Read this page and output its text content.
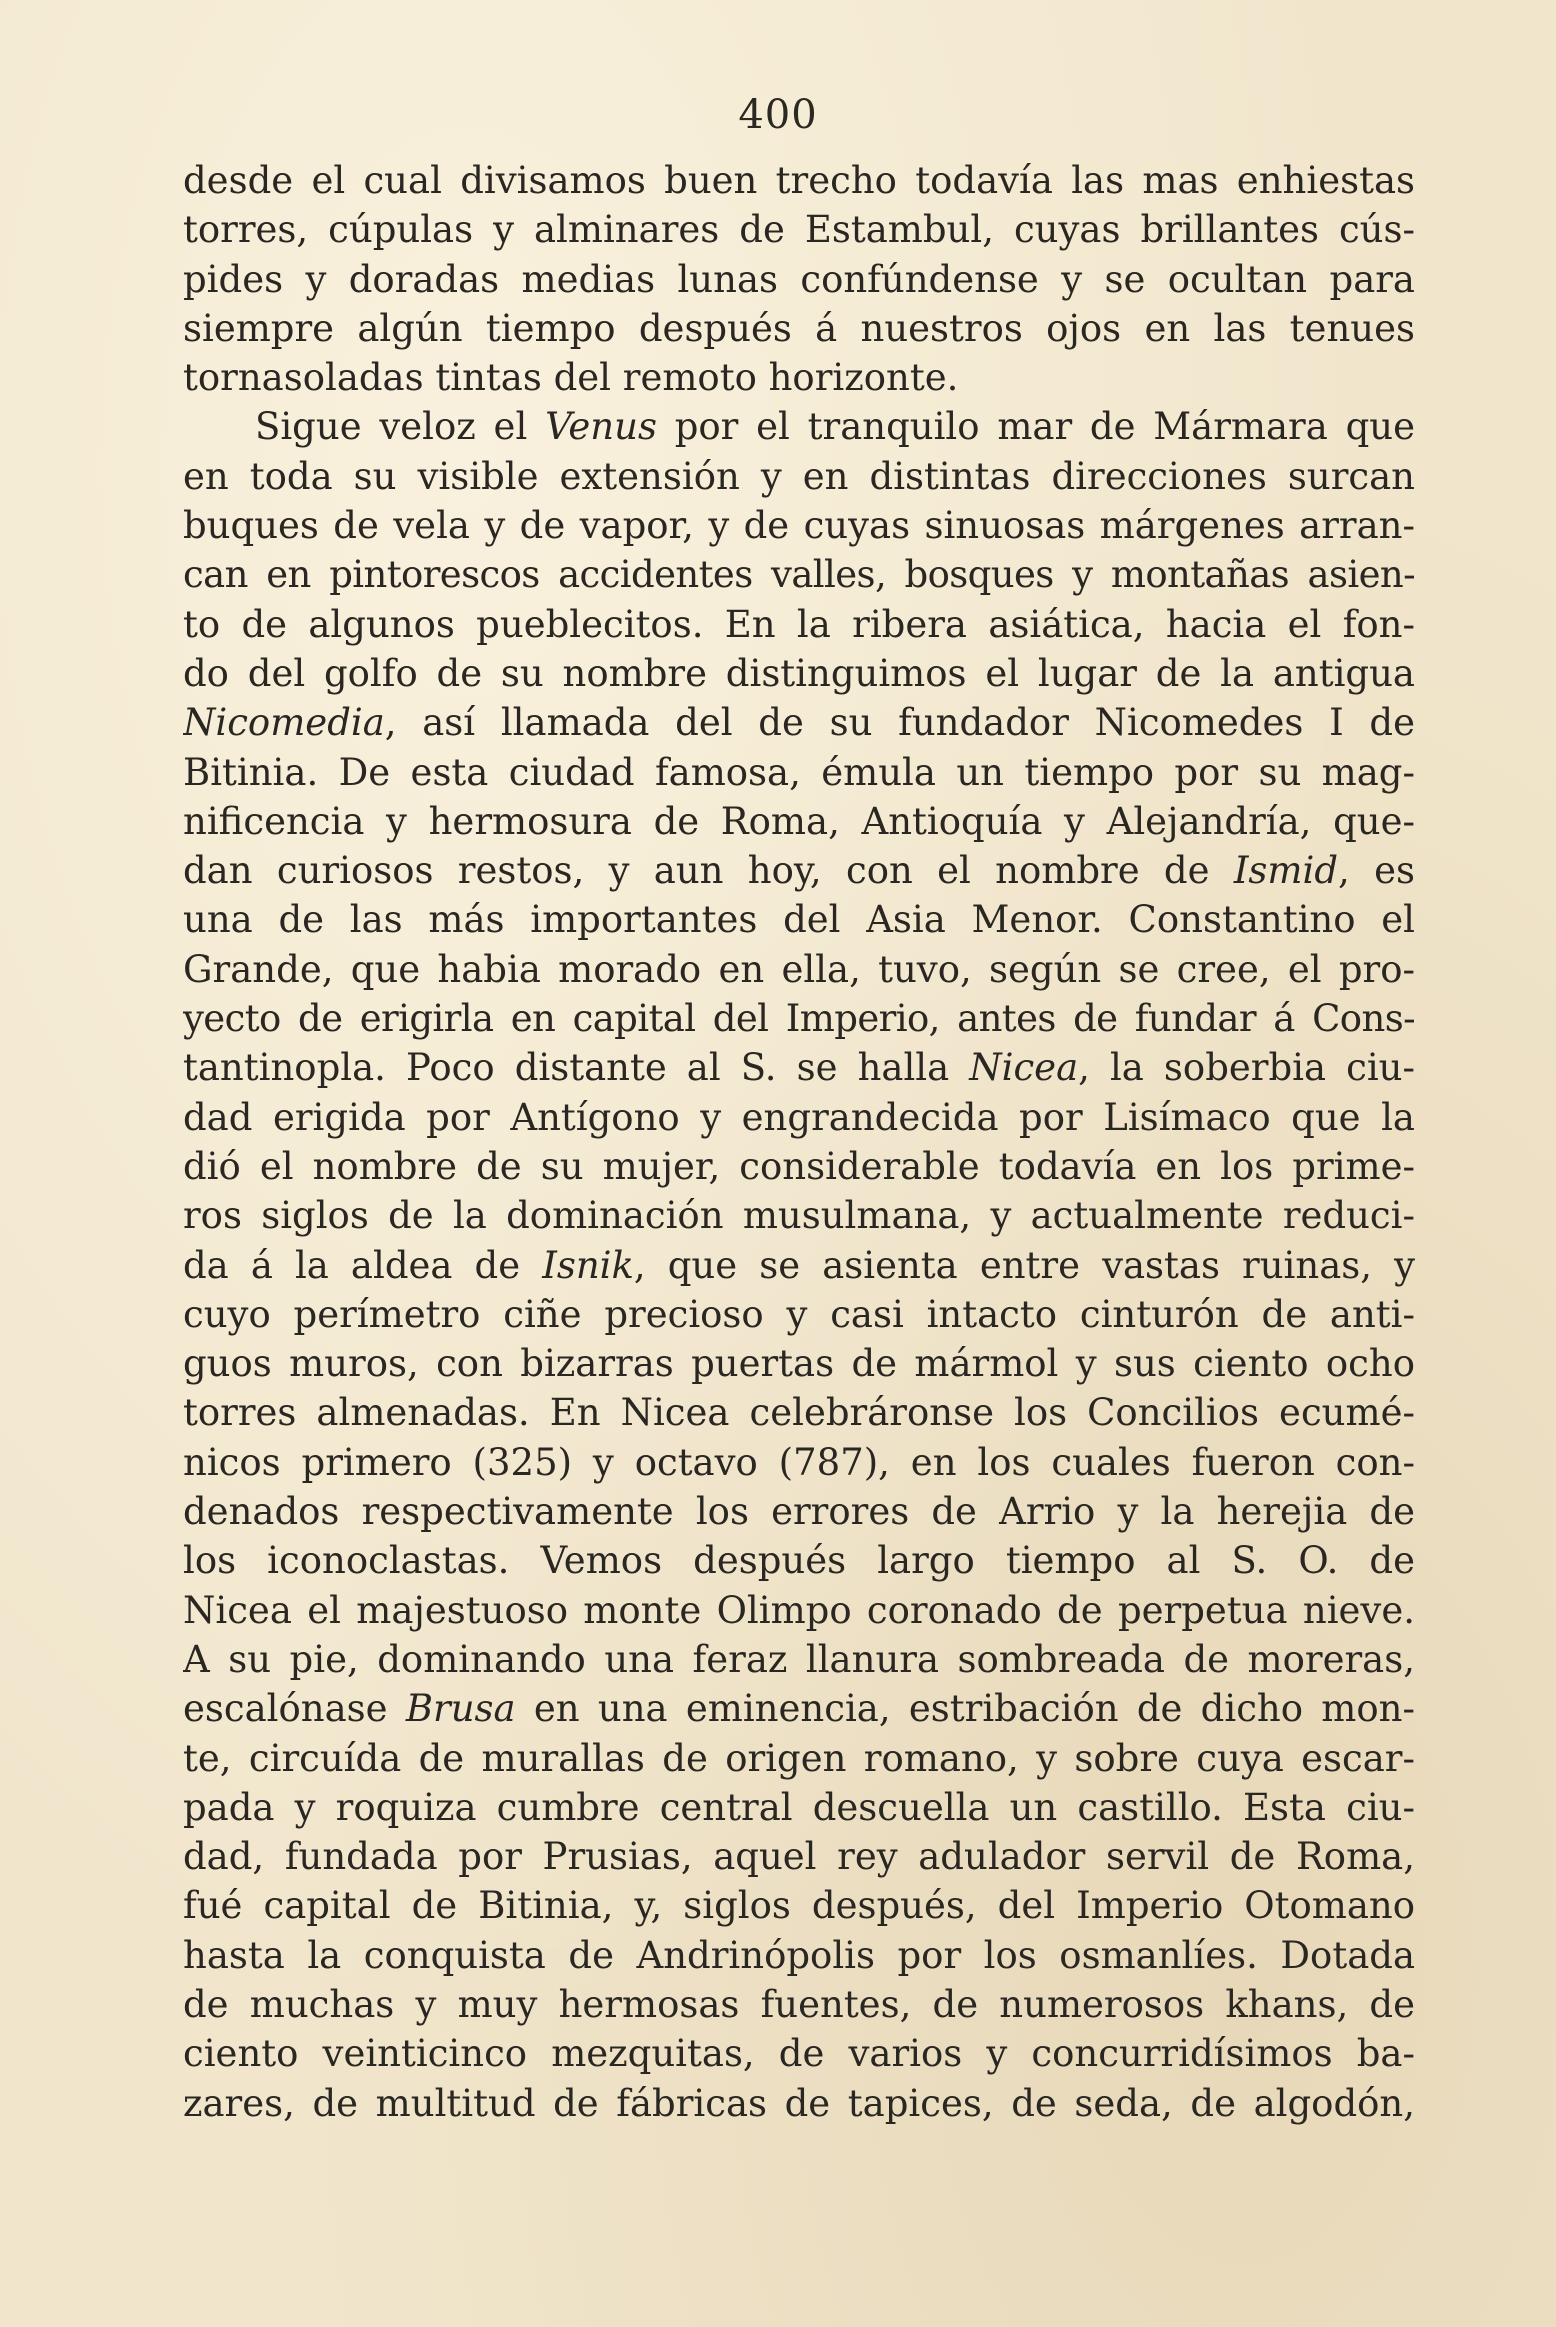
400
desde el cual divisamos buen trecho todavía las mas enhiestas
torres, cúpulas y alminares de Estambul, cuyas brillantes cús-
pides y doradas medias lunas confúndense y se ocultan para
siempre algún tiempo después á nuestros ojos en las tenues
tornasoladas tintas del remoto horizonte.
Sigue veloz el Venus por el tranquilo mar de Mármara que
en toda su visible extensión y en distintas direcciones surcan
buques de vela y de vapor, y de cuyas sinuosas márgenes arran-
can en pintorescos accidentes valles, bosques y montañas asien-
to de algunos pueblecitos. En la ribera asiática, hacia el fon-
do del golfo de su nombre distinguimos el lugar de la antigua
Nicomedia, así llamada del de su fundador Nicomedes I de
Bitinia. De esta ciudad famosa, émula un tiempo por su mag-
nificencia y hermosura de Roma, Antioquía y Alejandría, que-
dan curiosos restos, y aun hoy, con el nombre de Ismid, es
una de las más importantes del Asia Menor. Constantino el
Grande, que habia morado en ella, tuvo, según se cree, el pro-
yecto de erigirla en capital del Imperio, antes de fundar á Cons-
tantinopla. Poco distante al S. se halla Nicea, la soberbia ciu-
dad erigida por Antígono y engrandecida por Lisímaco que la
dió el nombre de su mujer, considerable todavía en los prime-
ros siglos de la dominación musulmana, y actualmente reduci-
da á la aldea de Isnik, que se asienta entre vastas ruinas, y
cuyo perímetro ciñe precioso y casi intacto cinturón de anti-
guos muros, con bizarras puertas de mármol y sus ciento ocho
torres almenadas. En Nicea celebráronse los Concilios ecumé-
nicos primero (325) y octavo (787), en los cuales fueron con-
denados respectivamente los errores de Arrio y la herejia de
los iconoclastas. Vemos después largo tiempo al S. O. de
Nicea el majestuoso monte Olimpo coronado de perpetua nieve.
A su pie, dominando una feraz llanura sombreada de moreras,
escalónase Brusa en una eminencia, estribación de dicho mon-
te, circuída de murallas de origen romano, y sobre cuya escar-
pada y roquiza cumbre central descuella un castillo. Esta ciu-
dad, fundada por Prusias, aquel rey adulador servil de Roma,
fué capital de Bitinia, y, siglos después, del Imperio Otomano
hasta la conquista de Andrinópolis por los osmanlíes. Dotada
de muchas y muy hermosas fuentes, de numerosos khans, de
ciento veinticinco mezquitas, de varios y concurridísimos ba-
zares, de multitud de fábricas de tapices, de seda, de algodón,
